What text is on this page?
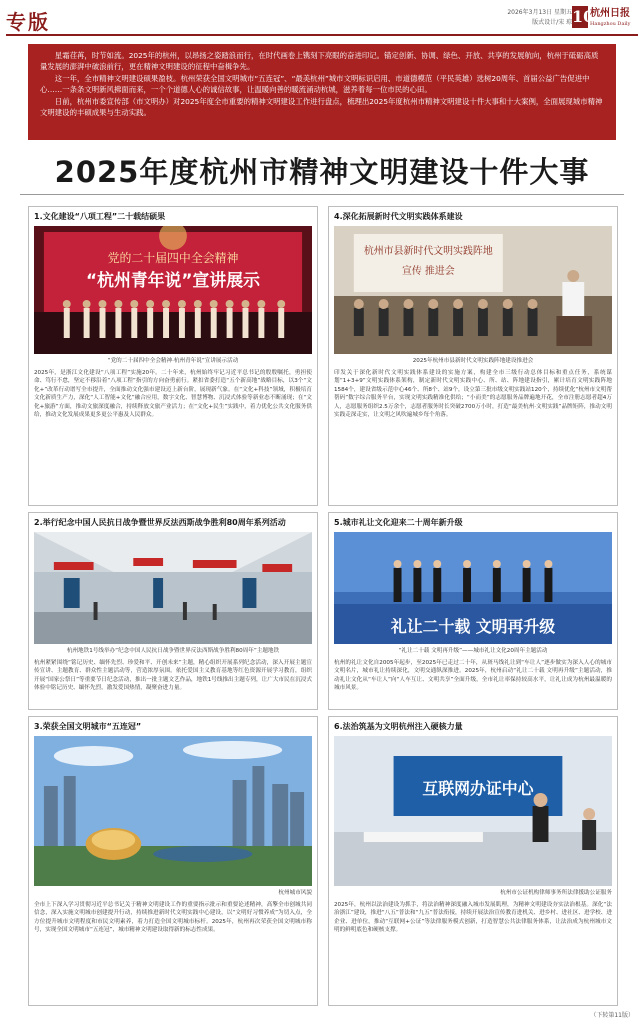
专版	2026年3月13日 星期五
版式设计/宋 琼 10
杭州日报
Hangzhou Daily

星霜荏苒，时节如流。2025年的杭州，以昂扬之姿踏浪而行，在时代画卷上镌刻下亮眼的奋进印记。锚定创新、协调、绿色、开放、共享的发展航向，杭州于砥砺高质量发展的澎湃中破浪前行，更在精神文明建设的征程中奋楫争先。

这一年，全市精神文明建设硕果盈枝。杭州荣获全国文明城市“五连冠”、“最美杭州”城市文明标识启用、市道德模范（平民英雄）选树20周年、首届公益广告促进中心……一条条文明新风拂面而来，一个个道德人心的诚信故事，让温暖向善的暖流涌动杭城，滋养着每一位市民的心田。

日前，杭州市委宣传部（市文明办）对2025年度全市重要的精神文明建设工作进行盘点，梳理出2025年度杭州市精神文明建设十件大事和十大案例，全面展现城市精神文明建设的丰硕成果与生动实践。

2025年度杭州市精神文明建设十件大事
1.文化建设“八项工程”二十载结硕果
党的二十届四中全会精神
“杭州青年说”宣讲展示
“党的二十届四中全会精神·杭州青年说”宣讲展示活动
2025年，是浙江文化建设“八项工程”实施20年。二十年来，杭州始终牢记习近平总书记的殷殷嘱托，勇担使命、笃行不怠，坚定不移沿着“八项工程”指引的方向奋勇前行。紧扣省委打造“五个新高地”战略目标，以3个“文化+”改革行动谱写全市提升，全面推动文化强市建设迈上新台阶，展现新气象。在“文化+科技”领域，积极培育文化新质生产力，深化“人工智能+文化”融合应用，数字文化、智慧博物、沉浸式体验等新业态不断涌现；在“文化+旅游”方面，推动文旅深度融合，持续释放文旅产业活力；在“文化+民生”实践中，着力优化公共文化服务供给，推动文化发展成果更多更公平惠及人民群众。
4.深化拓展新时代文明实践体系建设
杭州市县新时代文明实践阵地
宣传 推进会
2025年杭州市县新时代文明实践阵地建设推进会
印发关于深化新时代文明实践体系建设的实施方案，构建全市三级行动总体目标和重点任务，系统谋划“1+3+9”文明实践体系架构，制定新时代文明实践中心、所、站、阵地建设指引，累计培育文明实践阵地1584个，建设省级示范中心46个、所8个、站9个，设立第三批市级文明实践站120个，持续优化“杭州市文明帮帮码”数字综合服务平台，实现文明实践精准化供给；“小而美”的志愿服务品牌遍地开花，全市注册志愿者超4万人，志愿服务组织2.5万余个，志愿者服务时长突破2700万小时，打造“最美杭州·文明实践”品牌矩阵，推动文明实践走深走实，让文明之风吹遍城乡每个角落。
2.举行纪念中国人民抗日战争暨世界反法西斯战争胜利80周年系列活动
杭州地铁1号线举办“纪念中国人民抗日战争暨世界反法西斯战争胜利80周年”主题地铁
杭州紧紧围绕“铭记历史、缅怀先烈、珍爱和平、开创未来”主题，精心组织开展系列纪念活动，深入开展主题宣传宣讲、主题教育、群众性主题活动等，营造浓厚氛围。依托爱国主义教育基地等红色资源开展学习教育，组织开展“国家公祭日”等重要节日纪念活动，推出一批主题文艺作品，地铁1号线推出主题专列，让广大市民在沉浸式体验中铭记历史、缅怀先烈，激发爱国热情，凝聚奋进力量。
5.城市礼让文化迎来二十周年新升级
礼让二十载 文明再升级
“礼让二十载 文明再升级”——城市礼让文化20周年主题活动
杭州的礼让文化自2005年起步，至2025年已走过二十年，从斑马线礼让到“车让人”逐步做实为深入人心的城市文明名片，城市礼让持续深化，文明交通纵深推进。2025年，杭州启动“礼让二十载 文明再升级”主题活动，推动礼让文化从“车让人”向“人车互让、文明共享”全面升级，全市礼让率保持较高水平，让礼让成为杭州最温暖的城市风景。
3.荣获全国文明城市“五连冠”
杭州城市风貌
全市上下深入学习贯彻习近平总书记关于精神文明建设工作的重要指示批示和重要论述精神，高擎全市创城共同信念，深入实施文明城市创建提升行动，持续推进新时代文明实践中心建设，以“文明好习惯养成”为切入点，全方位提升城市文明程度和市民文明素养，着力打造全国文明城市标杆。2025年，杭州再次荣获全国文明城市称号，实现全国文明城市“五连冠”，城市精神文明建设取得新的标志性成果。
6.法治筑基为文明杭州注入硬核力量
互联网办证中心
杭州市公证机构律师事务所法律援助公证服务
2025年，杭州以法治建设为抓手，将法治精神深度融入城市发展肌理，为精神文明建设夯实法治根基。深化“法治浙江”建设，推进“八五”普法和“九五”普法衔接，持续开展法治宣传教育进机关、进乡村、进社区、进学校、进企业、进单位，推动“互联网+公证”等法律服务模式创新，打造智慧公共法律服务体系，让法治成为杭州城市文明的鲜明底色和硬核支撑。
（下转第11版）
